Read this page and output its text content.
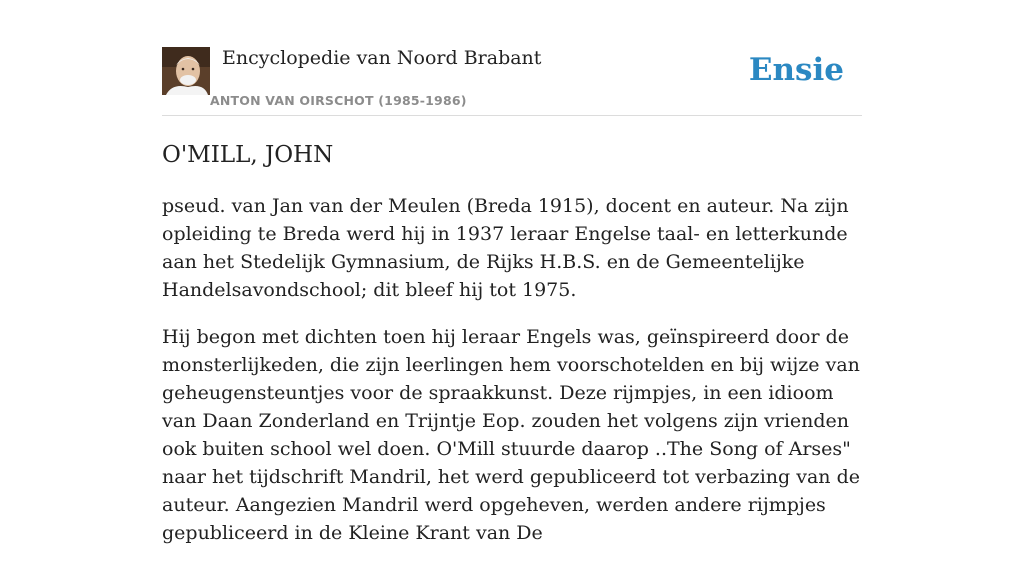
Encyclopedie van Noord Brabant
ANTON VAN OIRSCHOT (1985-1986)
Ensie
O'MILL, JOHN

pseud. van Jan van der Meulen (Breda 1915), docent en auteur. Na zijn opleiding te Breda werd hij in 1937 leraar Engelse taal- en letterkunde aan het Stedelijk Gymnasium, de Rijks H.B.S. en de Gemeentelijke Handelsavondschool; dit bleef hij tot 1975.

Hij begon met dichten toen hij leraar Engels was, geïnspireerd door de monsterlijkeden, die zijn leerlingen hem voorschotelden en bij wijze van geheugensteuntjes voor de spraakkunst. Deze rijmpjes, in een idioom van Daan Zonderland en Trijntje Eop. zouden het volgens zijn vrienden ook buiten school wel doen. O'Mill stuurde daarop ..The Song of Arses" naar het tijdschrift Mandril, het werd gepubliceerd tot verbazing van de auteur. Aangezien Mandril werd opgeheven, werden andere rijmpjes gepubliceerd in de Kleine Krant van De
